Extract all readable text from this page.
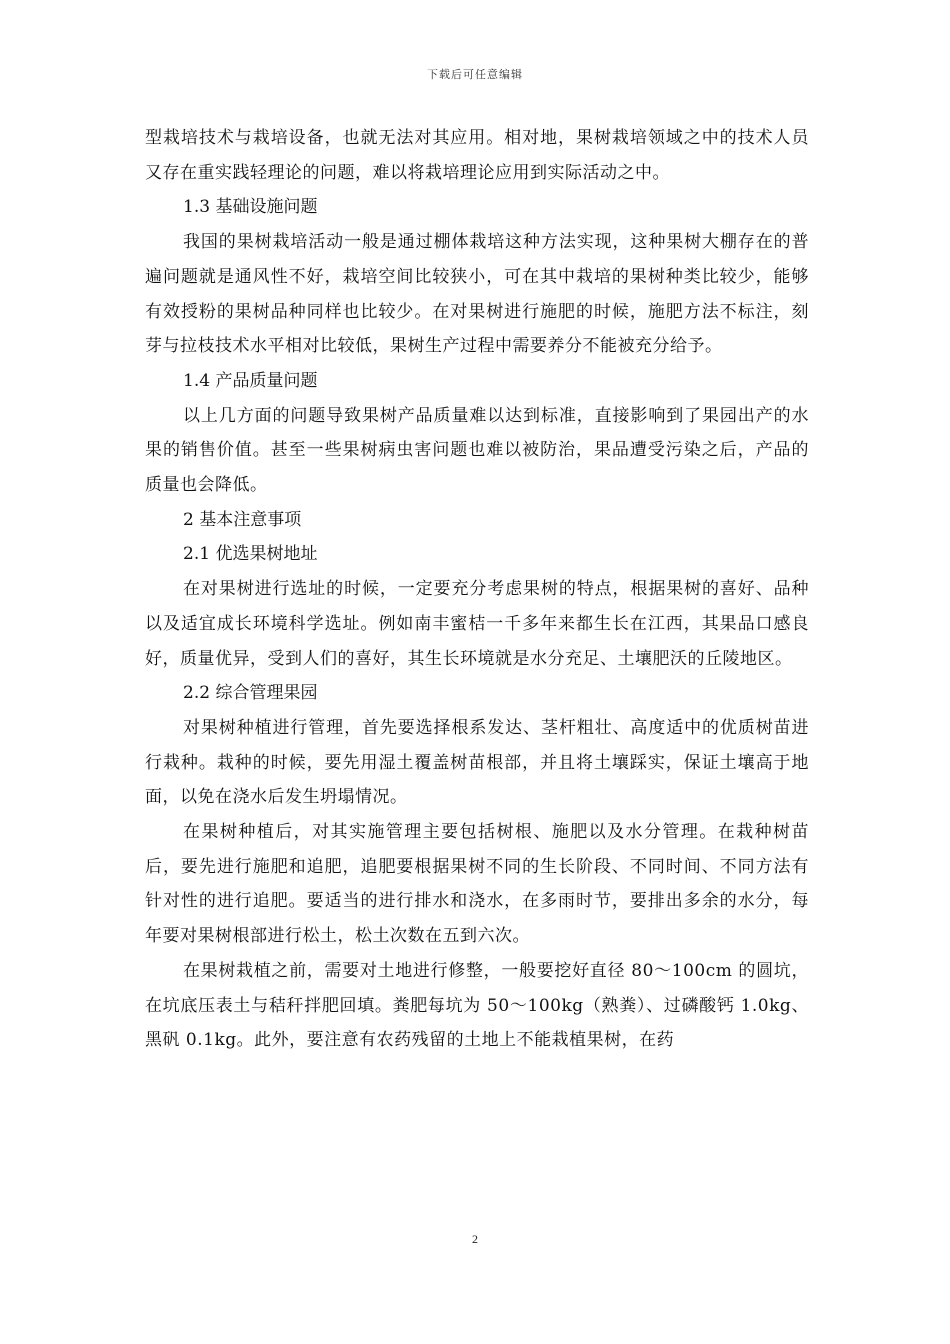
下载后可任意编辑

型栽培技术与栽培设备，也就无法对其应用。相对地，果树栽培领域之中的技术人员又存在重实践轻理论的问题，难以将栽培理论应用到实际活动之中。

1.3 基础设施问题

我国的果树栽培活动一般是通过棚体栽培这种方法实现，这种果树大棚存在的普遍问题就是通风性不好，栽培空间比较狭小，可在其中栽培的果树种类比较少，能够有效授粉的果树品种同样也比较少。在对果树进行施肥的时候，施肥方法不标注，刻芽与拉枝技术水平相对比较低，果树生产过程中需要养分不能被充分给予。

1.4 产品质量问题

以上几方面的问题导致果树产品质量难以达到标准，直接影响到了果园出产的水果的销售价值。甚至一些果树病虫害问题也难以被防治，果品遭受污染之后，产品的质量也会降低。

2 基本注意事项

2.1 优选果树地址

在对果树进行选址的时候，一定要充分考虑果树的特点，根据果树的喜好、品种以及适宜成长环境科学选址。例如南丰蜜桔一千多年来都生长在江西，其果品口感良好，质量优异，受到人们的喜好，其生长环境就是水分充足、土壤肥沃的丘陵地区。

2.2 综合管理果园

对果树种植进行管理，首先要选择根系发达、茎杆粗壮、高度适中的优质树苗进行栽种。栽种的时候，要先用湿土覆盖树苗根部，并且将土壤踩实，保证土壤高于地面，以免在浇水后发生坍塌情况。

在果树种植后，对其实施管理主要包括树根、施肥以及水分管理。在栽种树苗后，要先进行施肥和追肥，追肥要根据果树不同的生长阶段、不同时间、不同方法有针对性的进行追肥。要适当的进行排水和浇水，在多雨时节，要排出多余的水分，每年要对果树根部进行松土，松土次数在五到六次。

在果树栽植之前，需要对土地进行修整，一般要挖好直径 80～100cm 的圆坑，在坑底压表土与秸秆拌肥回填。粪肥每坑为 50～100kg（熟粪）、过磷酸钙 1.0kg、黑矾 0.1kg。此外，要注意有农药残留的土地上不能栽植果树，在药

2
